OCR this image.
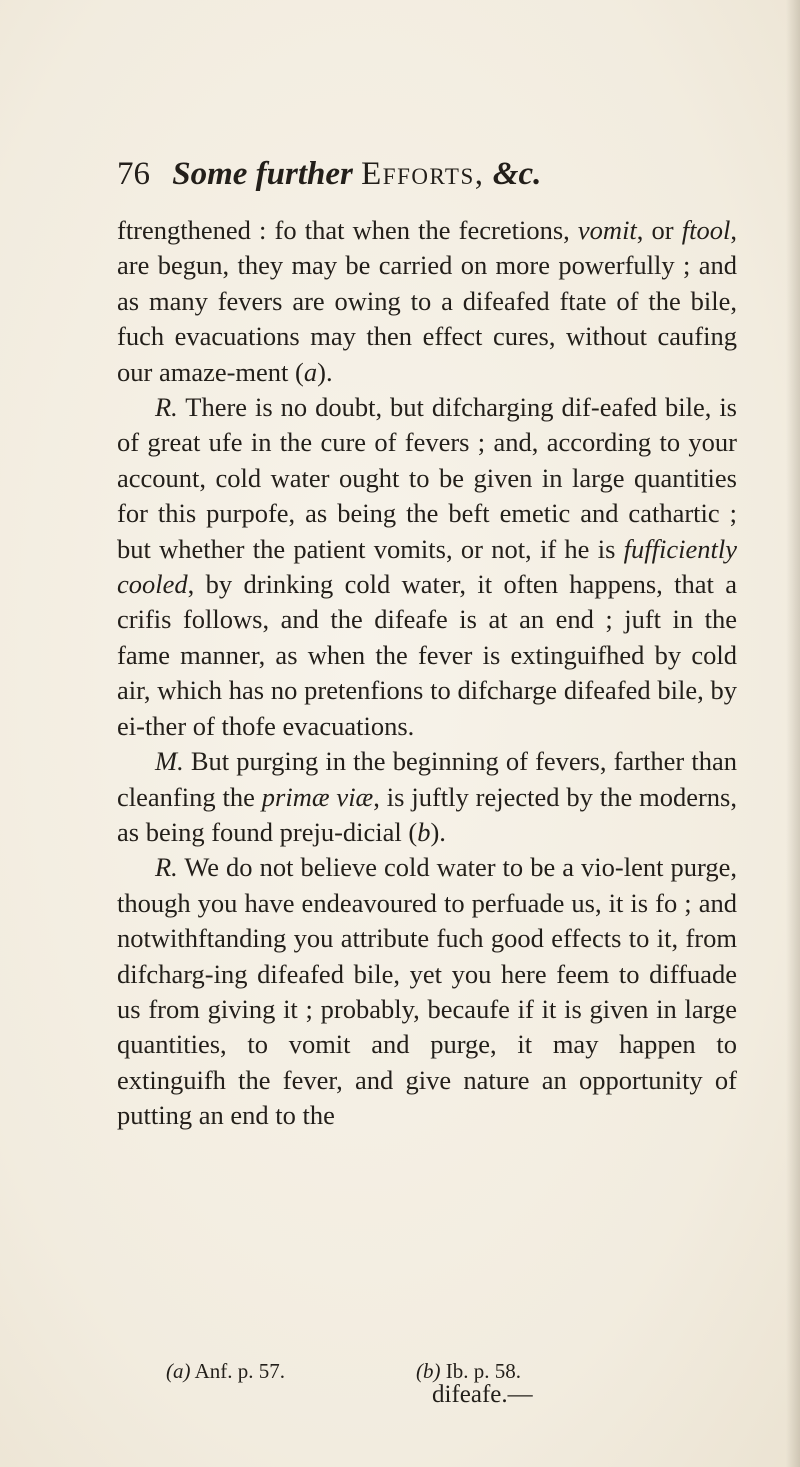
76 Some further Efforts, &c.

ftrengthened : fo that when the fecretions, vomit, or ftool, are begun, they may be carried on more powerfully ; and as many fevers are owing to a difeafed ftate of the bile, fuch evacuations may then effect cures, without caufing our amaze-ment (a).

R. There is no doubt, but difcharging dif-eafed bile, is of great ufe in the cure of fevers ; and, according to your account, cold water ought to be given in large quantities for this purpofe, as being the beft emetic and cathartic ; but whether the patient vomits, or not, if he is fufficiently cooled, by drinking cold water, it often happens, that a crifis follows, and the difeafe is at an end ; juft in the fame manner, as when the fever is extinguifhed by cold air, which has no pretenfions to difcharge difeafed bile, by ei-ther of thofe evacuations.

M. But purging in the beginning of fevers, farther than cleanfing the primæ viæ, is juftly rejected by the moderns, as being found preju-dicial (b).

R. We do not believe cold water to be a vio-lent purge, though you have endeavoured to perfuade us, it is fo ; and notwithftanding you attribute fuch good effects to it, from difcharg-ing difeafed bile, yet you here feem to diffuade us from giving it ; probably, becaufe if it is given in large quantities, to vomit and purge, it may happen to extinguifh the fever, and give nature an opportunity of putting an end to the

(a) Anf. p. 57.	(b) Ib. p. 58.
difeafe.—
